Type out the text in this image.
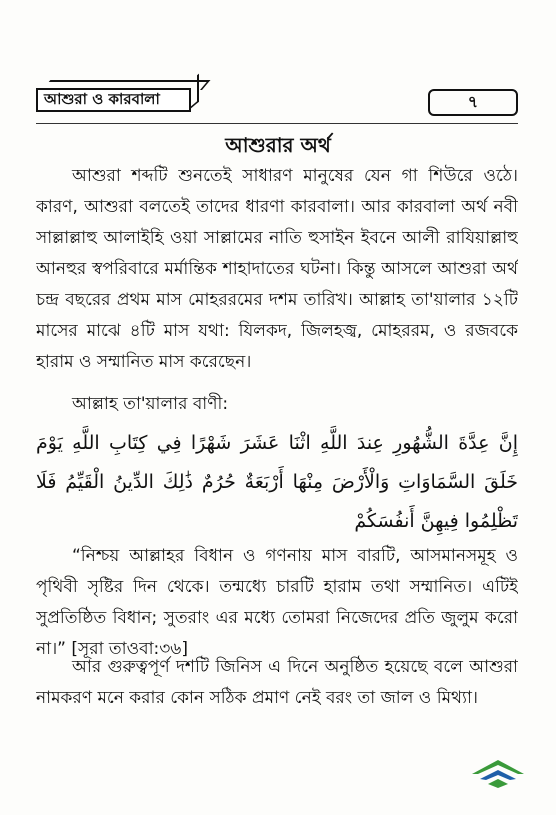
আশুরা ও কারবালা	৭
আশুরার অর্থ
আশুরা শব্দটি শুনতেই সাধারণ মানুষের যেন গা শিউরে ওঠে। কারণ, আশুরা বলতেই তাদের ধারণা কারবালা। আর কারবালা অর্থ নবী সাল্লাল্লাহু আলাইহি ওয়া সাল্লামের নাতি হুসাইন ইবনে আলী রাযিয়াল্লাহু আনহুর স্বপরিবারে মর্মান্তিক শাহাদাতের ঘটনা। কিন্তু আসলে আশুরা অর্থ চন্দ্র বছরের প্রথম মাস মোহররমের দশম তারিখ। আল্লাহ তা'য়ালার ১২টি মাসের মাঝে ৪টি মাস যথা: যিলকদ, জিলহজ্ব, মোহররম, ও রজবকে হারাম ও সম্মানিত মাস করেছেন।
আল্লাহ তা'য়ালার বাণী:
إِنَّ عِدَّةَ الشُّهُورِ عِندَ اللَّهِ اثْنَا عَشَرَ شَهْرًا فِي كِتَابِ اللَّهِ يَوْمَ خَلَقَ السَّمَاوَاتِ وَالْأَرْضَ مِنْهَا أَرْبَعَةٌ حُرُمٌ ذَٰلِكَ الدِّينُ الْقَيِّمُ فَلَا تَظْلِمُوا فِيهِنَّ أَنفُسَكُمْ
“নিশ্চয় আল্লাহর বিধান ও গণনায় মাস বারটি, আসমানসমূহ ও পৃথিবী সৃষ্টির দিন থেকে। তন্মধ্যে চারটি হারাম তথা সম্মানিত। এটিই সুপ্রতিষ্ঠিত বিধান; সুতরাং এর মধ্যে তোমরা নিজেদের প্রতি জুলুম করো না।” [সূরা তাওবা:৩৬]
আর গুরুত্বপূর্ণ দশটি জিনিস এ দিনে অনুষ্ঠিত হয়েছে বলে আশুরা নামকরণ মনে করার কোন সঠিক প্রমাণ নেই বরং তা জাল ও মিথ্যা।
